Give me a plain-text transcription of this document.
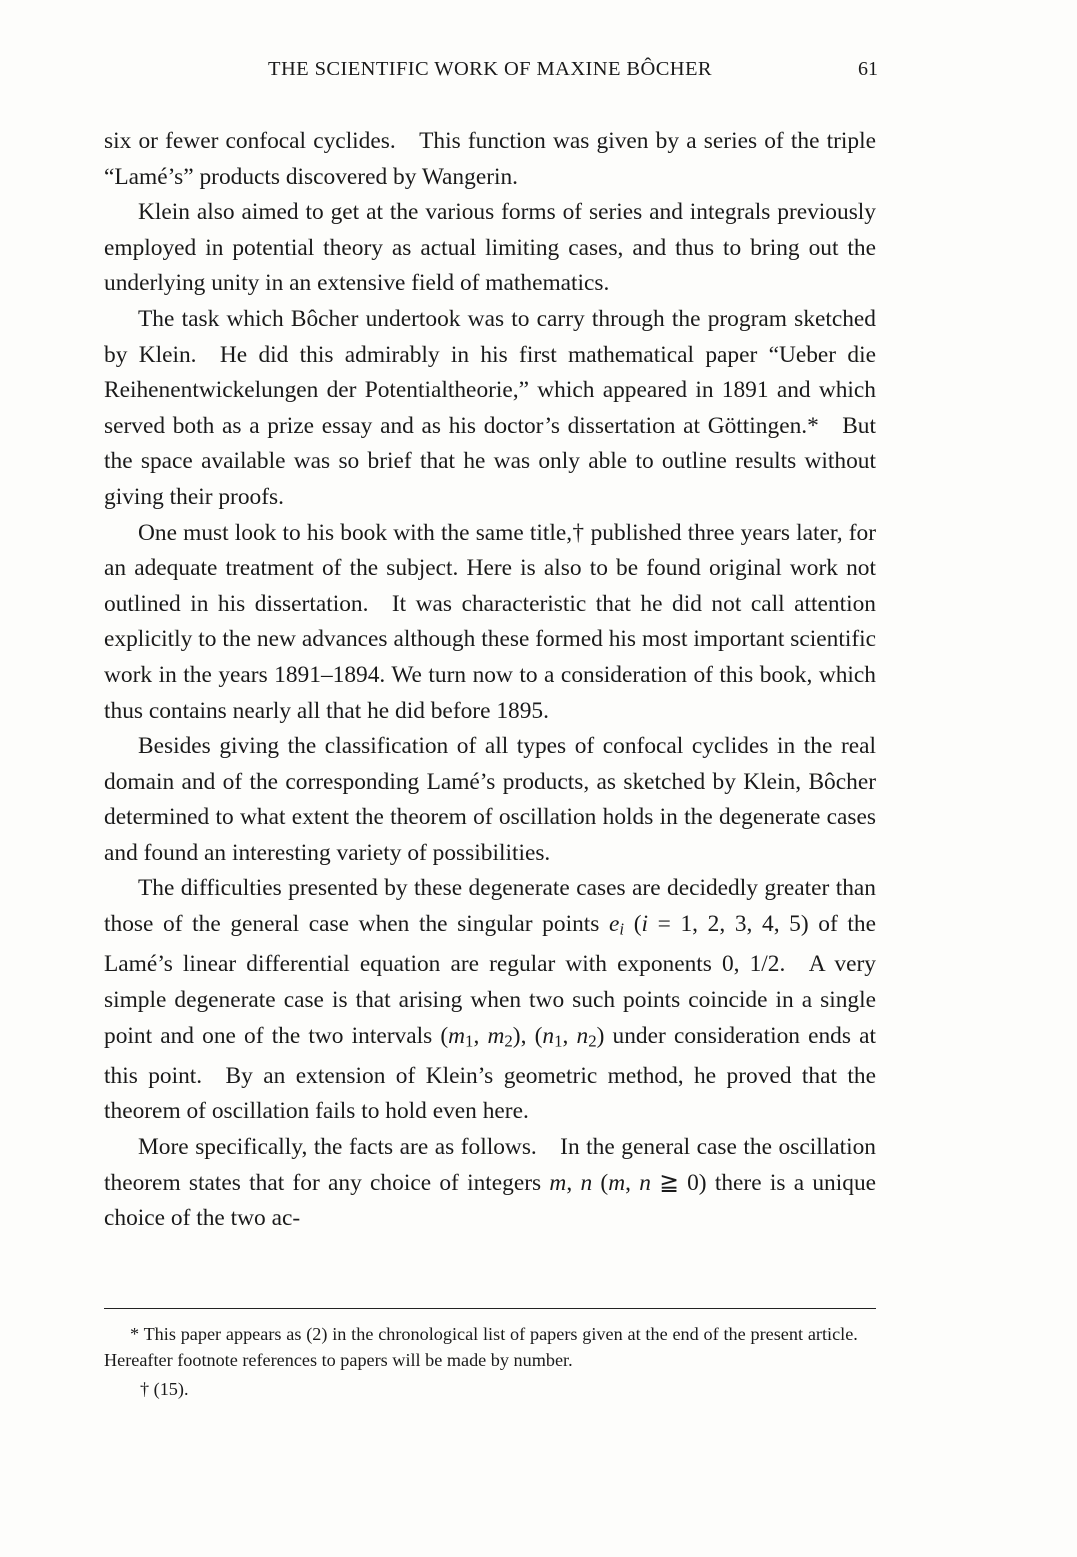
THE SCIENTIFIC WORK OF MAXINE BÔCHER	61

six or fewer confocal cyclides. This function was given by a series of the triple “Lamé’s” products discovered by Wangerin.

Klein also aimed to get at the various forms of series and integrals previously employed in potential theory as actual limiting cases, and thus to bring out the underlying unity in an extensive field of mathematics.

The task which Bôcher undertook was to carry through the program sketched by Klein. He did this admirably in his first mathematical paper “Ueber die Reihenentwickelungen der Potentialtheorie,” which appeared in 1891 and which served both as a prize essay and as his doctor’s dissertation at Göttingen.* But the space available was so brief that he was only able to outline results without giving their proofs.

One must look to his book with the same title,† published three years later, for an adequate treatment of the subject. Here is also to be found original work not outlined in his dissertation. It was characteristic that he did not call attention explicitly to the new advances although these formed his most important scientific work in the years 1891–1894. We turn now to a consideration of this book, which thus contains nearly all that he did before 1895.

Besides giving the classification of all types of confocal cyclides in the real domain and of the corresponding Lamé’s products, as sketched by Klein, Bôcher determined to what extent the theorem of oscillation holds in the degenerate cases and found an interesting variety of possibilities.

The difficulties presented by these degenerate cases are decidedly greater than those of the general case when the singular points $e_i$ (i = 1, 2, 3, 4, 5) of the Lamé’s linear differential equation are regular with exponents 0, 1/2. A very simple degenerate case is that arising when two such points coincide in a single point and one of the two intervals ($m_1$, $m_2$), ($n_1$, $n_2$) under consideration ends at this point. By an extension of Klein’s geometric method, he proved that the theorem of oscillation fails to hold even here.

More specifically, the facts are as follows. In the general case the oscillation theorem states that for any choice of integers m, n (m, n ≧ 0) there is a unique choice of the two ac-

* This paper appears as (2) in the chronological list of papers given at the end of the present article. Hereafter footnote references to papers will be made by number.

† (15).
